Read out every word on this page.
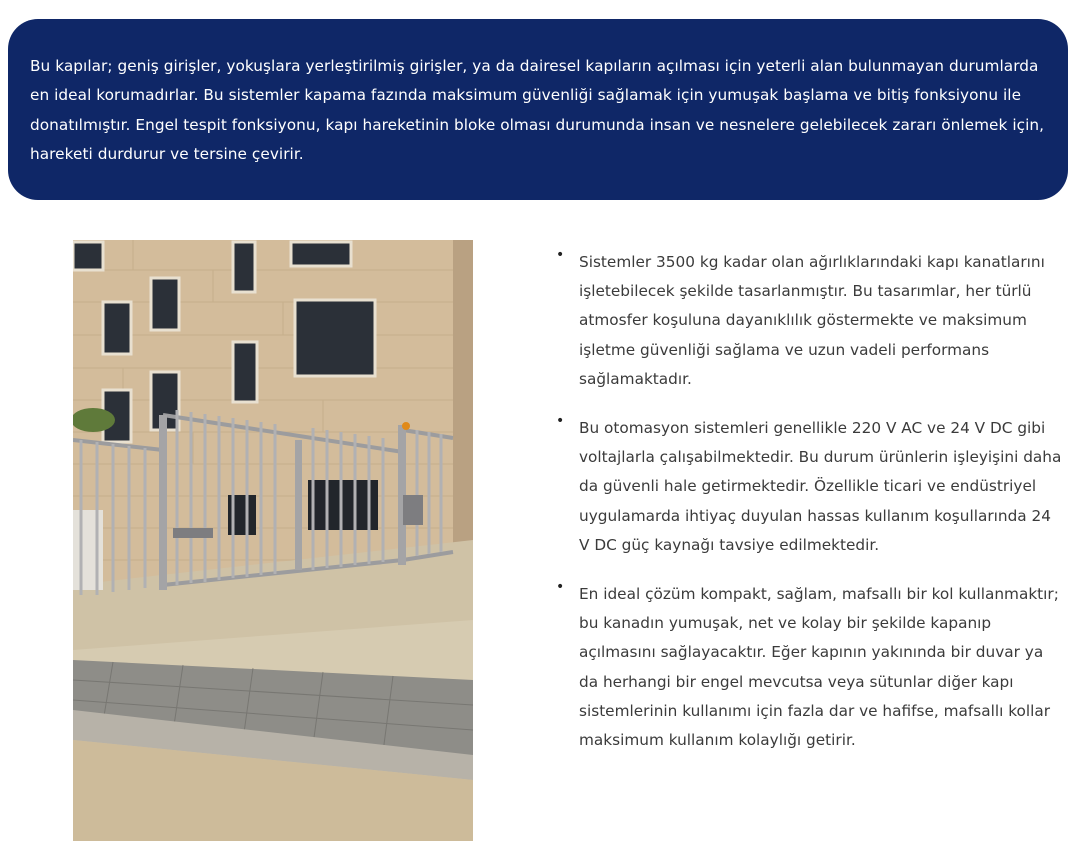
Bu kapılar; geniş girişler, yokuşlara yerleştirilmiş girişler, ya da dairesel kapıların açılması için yeterli alan bulunmayan durumlarda en ideal korumadırlar. Bu sistemler kapama fazında maksimum güvenliği sağlamak için yumuşak başlama ve bitiş fonksiyonu ile donatılmıştır. Engel tespit fonksiyonu, kapı hareketinin bloke olması durumunda insan ve nesnelere gelebilecek zararı önlemek için, hareketi durdurur ve tersine çevirir.

• Sistemler 3500 kg kadar olan ağırlıklarındaki kapı kanatlarını işletebilecek şekilde tasarlanmıştır. Bu tasarımlar, her türlü atmosfer koşuluna dayanıklılık göstermekte ve maksimum işletme güvenliği sağlama ve uzun vadeli performans sağlamaktadır.
• Bu otomasyon sistemleri genellikle 220 V AC ve 24 V DC gibi voltajlarla çalışabilmektedir. Bu durum ürünlerin işleyişini daha da güvenli hale getirmektedir. Özellikle ticari ve endüstriyel uygulamarda ihtiyaç duyulan hassas kullanım koşullarında 24 V DC güç kaynağı tavsiye edilmektedir.
• En ideal çözüm kompakt, sağlam, mafsallı bir kol kullanmaktır; bu kanadın yumuşak, net ve kolay bir şekilde kapanıp açılmasını sağlayacaktır. Eğer kapının yakınında bir duvar ya da herhangi bir engel mevcutsa veya sütunlar diğer kapı sistemlerinin kullanımı için fazla dar ve hafifse, mafsallı kollar maksimum kullanım kolaylığı getirir.
